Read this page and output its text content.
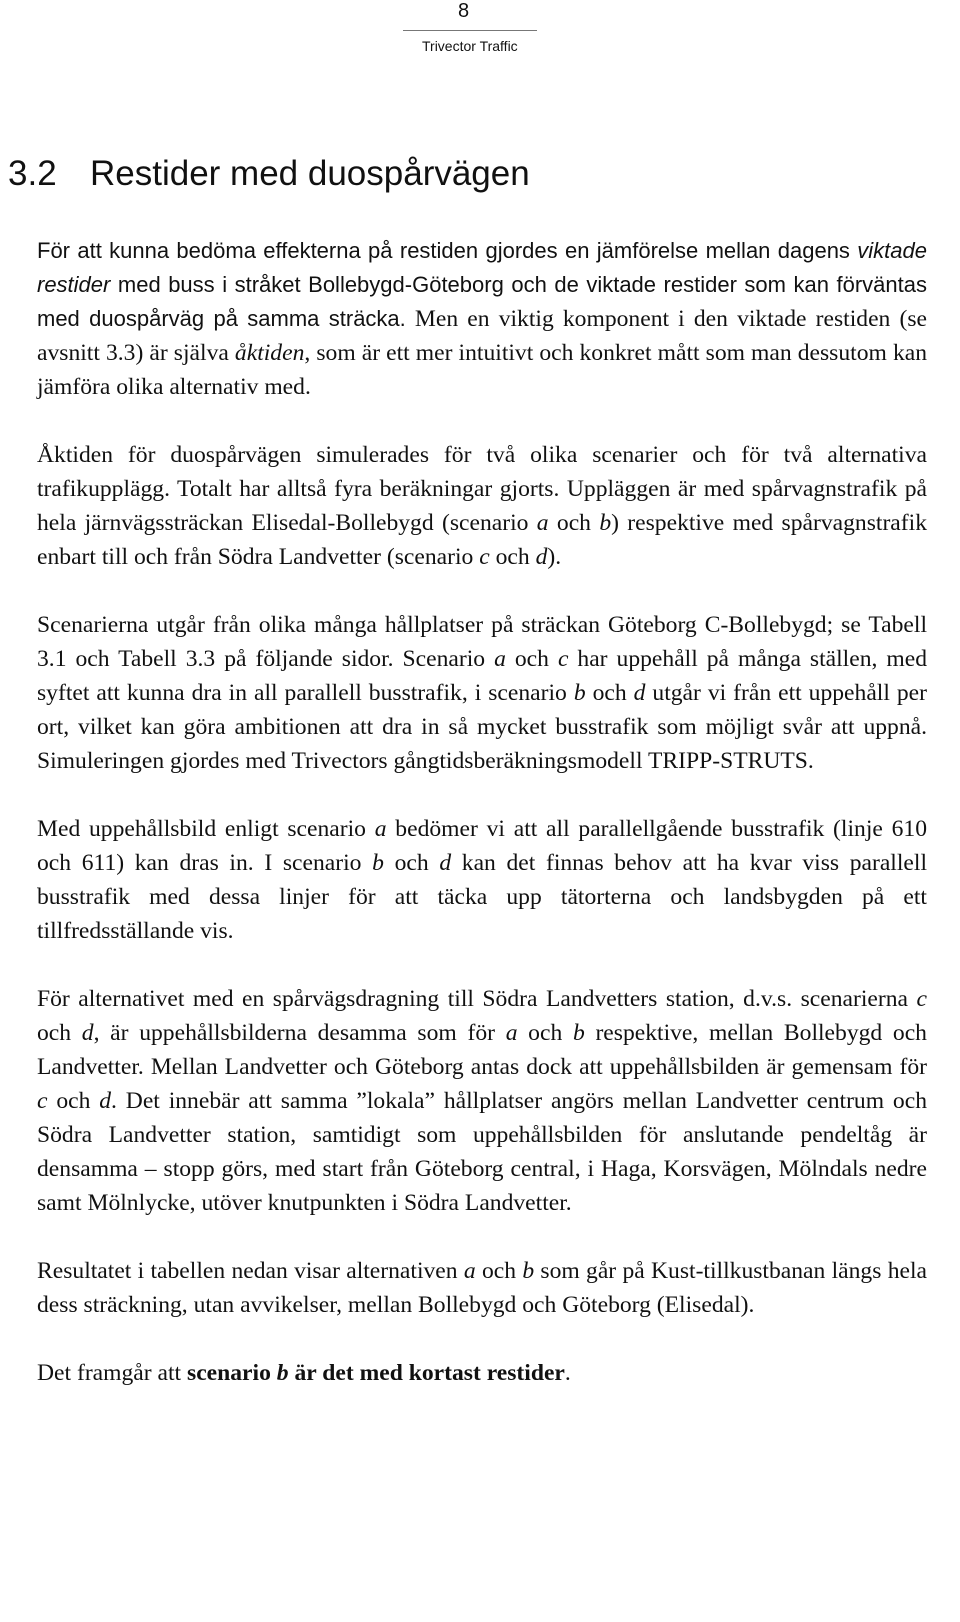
8
Trivector Traffic
3.2 Restider med duospårvägen

För att kunna bedöma effekterna på restiden gjordes en jämförelse mellan dagens viktade restider med buss i stråket Bollebygd-Göteborg och de viktade restider som kan förväntas med duospårväg på samma sträcka. Men en viktig komponent i den viktade restiden (se avsnitt 3.3) är själva åktiden, som är ett mer intuitivt och konkret mått som man dessutom kan jämföra olika alternativ med.

Åktiden för duospårvägen simulerades för två olika scenarier och för två alternativa trafikupplägg. Totalt har alltså fyra beräkningar gjorts. Uppläggen är med spårvagnstrafik på hela järnvägssträckan Elisedal-Bollebygd (scenario a och b) respektive med spårvagnstrafik enbart till och från Södra Landvetter (scenario c och d).

Scenarierna utgår från olika många hållplatser på sträckan Göteborg C-Bollebygd; se Tabell 3.1 och Tabell 3.3 på följande sidor. Scenario a och c har uppehåll på många ställen, med syftet att kunna dra in all parallell busstrafik, i scenario b och d utgår vi från ett uppehåll per ort, vilket kan göra ambitionen att dra in så mycket busstrafik som möjligt svår att uppnå. Simuleringen gjordes med Trivectors gångtidsberäkningsmodell TRIPP-STRUTS.

Med uppehållsbild enligt scenario a bedömer vi att all parallellgående busstrafik (linje 610 och 611) kan dras in. I scenario b och d kan det finnas behov att ha kvar viss parallell busstrafik med dessa linjer för att täcka upp tätorterna och landsbygden på ett tillfredsställande vis.

För alternativet med en spårvägsdragning till Södra Landvetters station, d.v.s. scenarierna c och d, är uppehållsbilderna desamma som för a och b respektive, mellan Bollebygd och Landvetter. Mellan Landvetter och Göteborg antas dock att uppehållsbilden är gemensam för c och d. Det innebär att samma ”lokala” hållplatser angörs mellan Landvetter centrum och Södra Landvetter station, samtidigt som uppehållsbilden för anslutande pendeltåg är densamma – stopp görs, med start från Göteborg central, i Haga, Korsvägen, Mölndals nedre samt Mölnlycke, utöver knutpunkten i Södra Landvetter.

Resultatet i tabellen nedan visar alternativen a och b som går på Kust-tillkustbanan längs hela dess sträckning, utan avvikelser, mellan Bollebygd och Göteborg (Elisedal).

Det framgår att scenario b är det med kortast restider.
